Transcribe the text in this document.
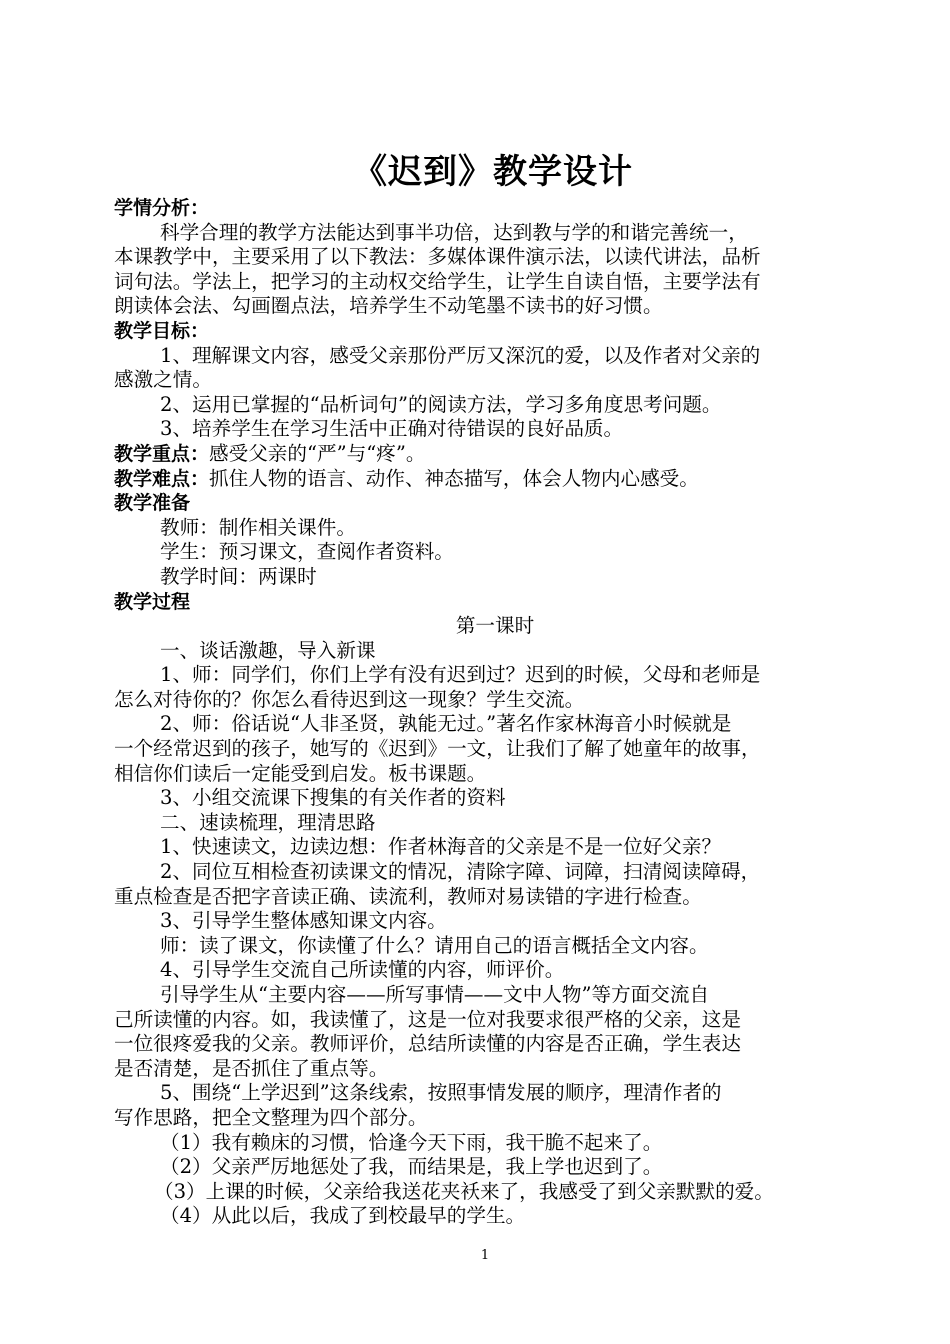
《迟到》教学设计

学情分析：

科学合理的教学方法能达到事半功倍，达到教与学的和谐完善统一，

本课教学中，主要采用了以下教法：多媒体课件演示法，以读代讲法，品析

词句法。学法上，把学习的主动权交给学生，让学生自读自悟，主要学法有

朗读体会法、勾画圈点法，培养学生不动笔墨不读书的好习惯。

教学目标：

1、理解课文内容，感受父亲那份严厉又深沉的爱，以及作者对父亲的

感激之情。

2、运用已掌握的“品析词句”的阅读方法，学习多角度思考问题。

3、培养学生在学习生活中正确对待错误的良好品质。

教学重点：感受父亲的“严”与“疼”。

教学难点：抓住人物的语言、动作、神态描写，体会人物内心感受。

教学准备

教师：制作相关课件。

学生：预习课文，查阅作者资料。

教学时间：两课时

教学过程

第一课时

一、谈话激趣，导入新课

1、师：同学们，你们上学有没有迟到过？迟到的时候，父母和老师是

怎么对待你的？你怎么看待迟到这一现象？学生交流。

2、师：俗话说“人非圣贤，孰能无过。”著名作家林海音小时候就是

一个经常迟到的孩子，她写的《迟到》一文，让我们了解了她童年的故事，

相信你们读后一定能受到启发。板书课题。

3、小组交流课下搜集的有关作者的资料

二、速读梳理，理清思路

1、快速读文，边读边想：作者林海音的父亲是不是一位好父亲？

2、同位互相检查初读课文的情况，清除字障、词障，扫清阅读障碍，

重点检查是否把字音读正确、读流利，教师对易读错的字进行检查。

3、引导学生整体感知课文内容。

师：读了课文，你读懂了什么？请用自己的语言概括全文内容。

4、引导学生交流自己所读懂的内容，师评价。

引导学生从“主要内容——所写事情——文中人物”等方面交流自

己所读懂的内容。如，我读懂了，这是一位对我要求很严格的父亲，这是

一位很疼爱我的父亲。教师评价，总结所读懂的内容是否正确，学生表达

是否清楚，是否抓住了重点等。

5、围绕“上学迟到”这条线索，按照事情发展的顺序，理清作者的

写作思路，把全文整理为四个部分。

（1）我有赖床的习惯，恰逢今天下雨，我干脆不起来了。

（2）父亲严厉地惩处了我，而结果是，我上学也迟到了。

（3）上课的时候，父亲给我送花夹袄来了，我感受了到父亲默默的爱。

（4）从此以后，我成了到校最早的学生。

1
